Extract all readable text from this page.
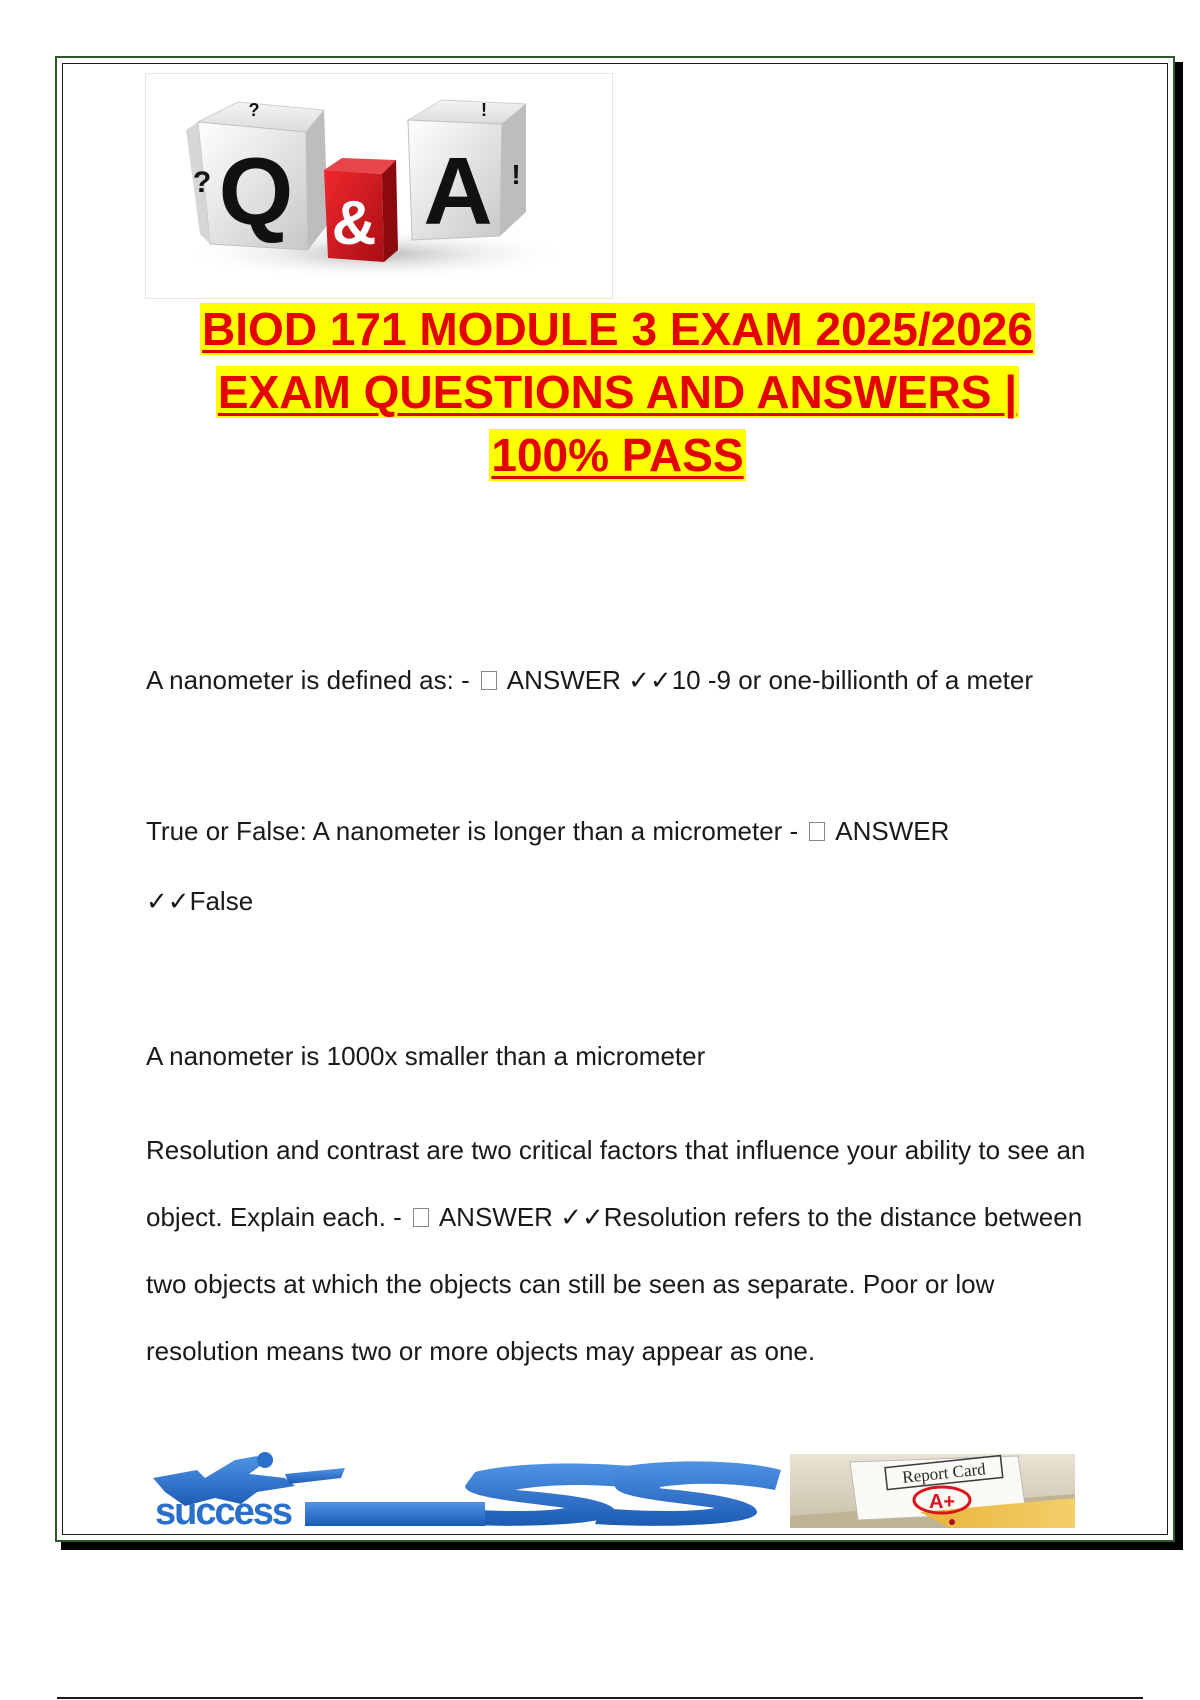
Q
?
?
& A
!
!
BIOD 171 MODULE 3 EXAM 2025/2026
EXAM QUESTIONS AND ANSWERS |
100% PASS
A nanometer is defined as: -  ANSWER ✓✓10 -9 or one-billionth of a meter
True or False: A nanometer is longer than a micrometer -  ANSWER
✓✓False
A nanometer is 1000x smaller than a micrometer
Resolution and contrast are two critical factors that influence your ability to see an object. Explain each. -  ANSWER ✓✓Resolution refers to the distance between two objects at which the objects can still be seen as separate. Poor or low resolution means two or more objects may appear as one.
success
Report Card
A+
